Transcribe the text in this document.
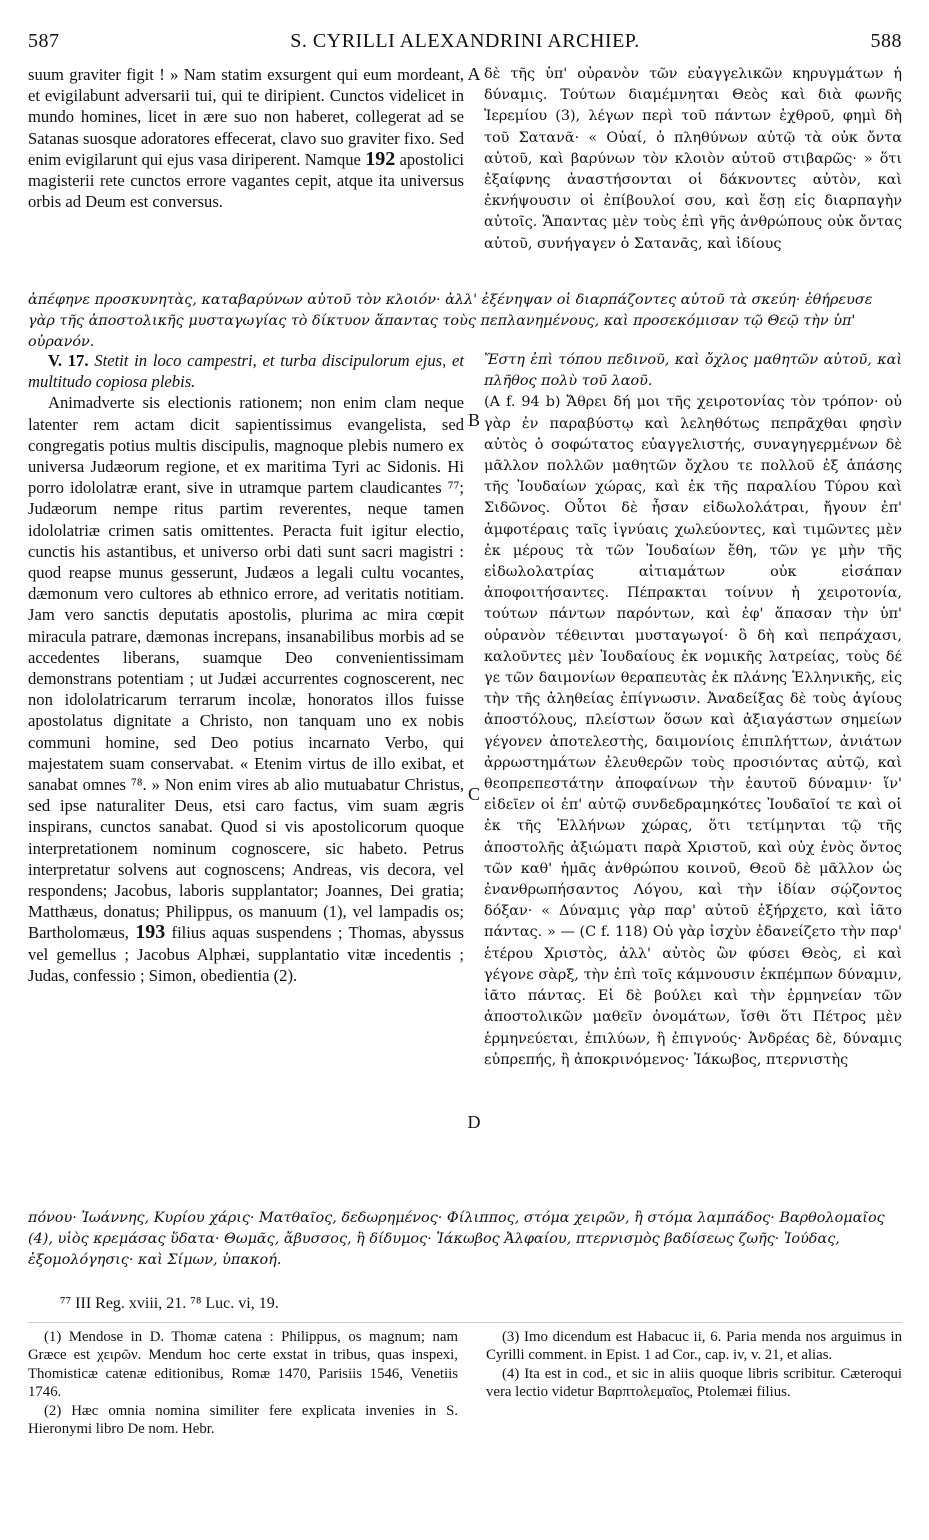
587	S. CYRILLI ALEXANDRINI ARCHIEP.	588

suum graviter figit ! » Nam statim exsurgent qui eum mordeant, et evigilabunt adversarii tui, qui te diripient. Cunctos videlicet in mundo homines, licet in ære suo non haberet, collegerat ad se Satanas suosque adoratores effecerat, clavo suo graviter fixo. Sed enim evigilarunt qui ejus vasa diriperent. Namque 192 apostolici magisterii rete cunctos errore vagantes cepit, atque ita universus orbis ad Deum est conversus.

A δὲ τῆς ὑπ' οὐρανὸν τῶν εὐαγγελικῶν κηρυγμάτων ἡ δύναμις. Τούτων διαμέμνηται Θεὸς καὶ διὰ φωνῆς Ἱερεμίου (3), λέγων περὶ τοῦ πάντων ἐχθροῦ, φημὶ δὴ τοῦ Σατανᾶ· « Οὐαί, ὁ πληθύνων αὐτῷ τὰ οὐκ ὄντα αὐτοῦ, καὶ βαρύνων τὸν κλοιὸν αὐτοῦ στιβαρῶς· » ὅτι ἐξαίφνης ἀναστήσονται οἱ δάκνοντες αὐτὸν, καὶ ἐκνήψουσιν οἱ ἐπίβουλοί σου, καὶ ἔσῃ εἰς διαρπαγὴν αὐτοῖς. Ἅπαντας μὲν τοὺς ἐπὶ γῆς ἀνθρώπους οὐκ ὄντας αὐτοῦ, συνήγαγεν ὁ Σατανᾶς, καὶ ἰδίους

ἀπέφηνε προσκυνητὰς, καταβαρύνων αὐτοῦ τὸν κλοιόν· ἀλλ' ἐξένηψαν οἱ διαρπάζοντες αὐτοῦ τὰ σκεύη· ἐθήρευσε γὰρ τῆς ἀποστολικῆς μυσταγωγίας τὸ δίκτυον ἅπαντας τοὺς πεπλανημένους, καὶ προσεκόμισαν τῷ Θεῷ τὴν ὑπ' οὐρανόν.

V. 17. Stetit in loco campestri, et turba discipulorum ejus, et multitudo copiosa plebis.

Animadverte sis electionis rationem; non enim clam neque latenter rem actam dicit sapientissimus evangelista, sed congregatis potius multis discipulis, magnoque plebis numero ex universa Judæorum regione, et ex maritima Tyri ac Sidonis. Hi porro idololatræ erant, sive in utramque partem claudicantes ⁷⁷; Judæorum nempe ritus partim reverentes, neque tamen idololatriæ crimen satis omittentes. Peracta fuit igitur electio, cunctis his astantibus, et universo orbi dati sunt sacri magistri : quod reapse munus gesserunt, Judæos a legali cultu vocantes, dæmonum vero cultores ab ethnico errore, ad veritatis notitiam. Jam vero sanctis deputatis apostolis, plurima ac mira cœpit miracula patrare, dæmonas increpans, insanabilibus morbis ad se accedentes liberans, suamque Deo convenientissimam demonstrans potentiam ; ut Judæi accurrentes cognoscerent, nec non idololatricarum terrarum incolæ, honoratos illos fuisse apostolatus dignitate a Christo, non tanquam uno ex nobis communi homine, sed Deo potius incarnato Verbo, qui majestatem suam conservabat. « Etenim virtus de illo exibat, et sanabat omnes ⁷⁸. » Non enim vires ab alio mutuabatur Christus, sed ipse naturaliter Deus, etsi caro factus, vim suam ægris inspirans, cunctos sanabat. Quod si vis apostolicorum quoque interpretationem nominum cognoscere, sic habeto. Petrus interpretatur solvens aut cognoscens; Andreas, vis decora, vel respondens; Jacobus, laboris supplantator; Joannes, Dei gratia; Matthæus, donatus; Philippus, os manuum (1), vel lampadis os; Bartholomæus, 193 filius aquas suspendens ; Thomas, abyssus vel gemellus ; Jacobus Alphæi, supplantatio vitæ incedentis ; Judas, confessio ; Simon, obedientia (2).

B
C
D

Ἔστη ἐπὶ τόπου πεδινοῦ, καὶ ὄχλος μαθητῶν αὐτοῦ, καὶ πλῆθος πολὺ τοῦ λαοῦ.

(A f. 94 b) Ἄθρει δή μοι τῆς χειροτονίας τὸν τρόπον· οὐ γὰρ ἐν παραβύστῳ καὶ λεληθότως πεπρᾶχθαι φησὶν αὐτὸς ὁ σοφώτατος εὐαγγελιστής, συναγηγερμένων δὲ μᾶλλον πολλῶν μαθητῶν ὄχλου τε πολλοῦ ἐξ ἁπάσης τῆς Ἰουδαίων χώρας, καὶ ἐκ τῆς παραλίου Τύρου καὶ Σιδῶνος. Οὗτοι δὲ ἦσαν εἰδωλολάτραι, ἤγουν ἐπ' ἀμφοτέραις ταῖς ἰγνύαις χωλεύοντες, καὶ τιμῶντες μὲν ἐκ μέρους τὰ τῶν Ἰουδαίων ἔθη, τῶν γε μὴν τῆς εἰδωλολατρίας αἰτιαμάτων οὐκ εἰσάπαν ἀποφοιτήσαντες. Πέπρακται τοίνυν ἡ χειροτονία, τούτων πάντων παρόντων, καὶ ἐφ' ἅπασαν τὴν ὑπ' οὐρανὸν τέθεινται μυσταγωγοί· ὃ δὴ καὶ πεπράχασι, καλοῦντες μὲν Ἰουδαίους ἐκ νομικῆς λατρείας, τοὺς δέ γε τῶν δαιμονίων θεραπευτὰς ἐκ πλάνης Ἑλληνικῆς, εἰς τὴν τῆς ἀληθείας ἐπίγνωσιν. Ἀναδείξας δὲ τοὺς ἁγίους ἀποστόλους, πλείστων ὅσων καὶ ἀξιαγάστων σημείων γέγονεν ἀποτελεστὴς, δαιμονίοις ἐπιπλήττων, ἀνιάτων ἀρρωστημάτων ἐλευθερῶν τοὺς προσιόντας αὐτῷ, καὶ θεοπρεπεστάτην ἀποφαίνων τὴν ἑαυτοῦ δύναμιν· ἵν' εἰδεῖεν οἱ ἐπ' αὐτῷ συνδεδραμηκότες Ἰουδαῖοί τε καὶ οἱ ἐκ τῆς Ἑλλήνων χώρας, ὅτι τετίμηνται τῷ τῆς ἀποστολῆς ἀξιώματι παρὰ Χριστοῦ, καὶ οὐχ ἑνὸς ὄντος τῶν καθ' ἡμᾶς ἀνθρώπου κοινοῦ, Θεοῦ δὲ μᾶλλον ὡς ἐνανθρωπήσαντος Λόγου, καὶ τὴν ἰδίαν σῴζοντος δόξαν· « Δύναμις γὰρ παρ' αὐτοῦ ἐξήρχετο, καὶ ἰᾶτο πάντας. » — (C f. 118) Οὐ γὰρ ἰσχὺν ἐδανείζετο τὴν παρ' ἑτέρου Χριστὸς, ἀλλ' αὐτὸς ὢν φύσει Θεὸς, εἰ καὶ γέγονε σὰρξ, τὴν ἐπὶ τοῖς κάμνουσιν ἐκπέμπων δύναμιν, ἰᾶτο πάντας. Εἰ δὲ βούλει καὶ τὴν ἑρμηνείαν τῶν ἀποστολικῶν μαθεῖν ὀνομάτων, ἴσθι ὅτι Πέτρος μὲν ἑρμηνεύεται, ἐπιλύων, ἢ ἐπιγνούς· Ἀνδρέας δὲ, δύναμις εὐπρεπής, ἢ ἀποκρινόμενος· Ἰάκωβος, πτερνιστὴς

πόνου· Ἰωάννης, Κυρίου χάρις· Ματθαῖος, δεδωρημένος· Φίλιππος, στόμα χειρῶν, ἢ στόμα λαμπάδος· Βαρθολομαῖος (4), υἱὸς κρεμάσας ὕδατα· Θωμᾶς, ἄβυσσος, ἢ δίδυμος· Ἰάκωβος Ἀλφαίου, πτερνισμὸς βαδίσεως ζωῆς· Ἰούδας, ἐξομολόγησις· καὶ Σίμων, ὑπακοή.

⁷⁷ III Reg. xviii, 21. ⁷⁸ Luc. vi, 19.

(1) Mendose in D. Thomæ catena : Philippus, os magnum; nam Græce est χειρῶν. Mendum hoc certe exstat in tribus, quas inspexi, Thomisticæ catenæ editionibus, Romæ 1470, Parisiis 1546, Venetiis 1746.

(2) Hæc omnia nomina similiter fere explicata invenies in S. Hieronymi libro De nom. Hebr.

(3) Imo dicendum est Habacuc ii, 6. Paria menda nos arguimus in Cyrilli comment. in Epist. 1 ad Cor., cap. iv, v. 21, et alias.

(4) Ita est in cod., et sic in aliis quoque libris scribitur. Cæteroqui vera lectio videtur Βαρπτολεμαῖος, Ptolemæi filius.
